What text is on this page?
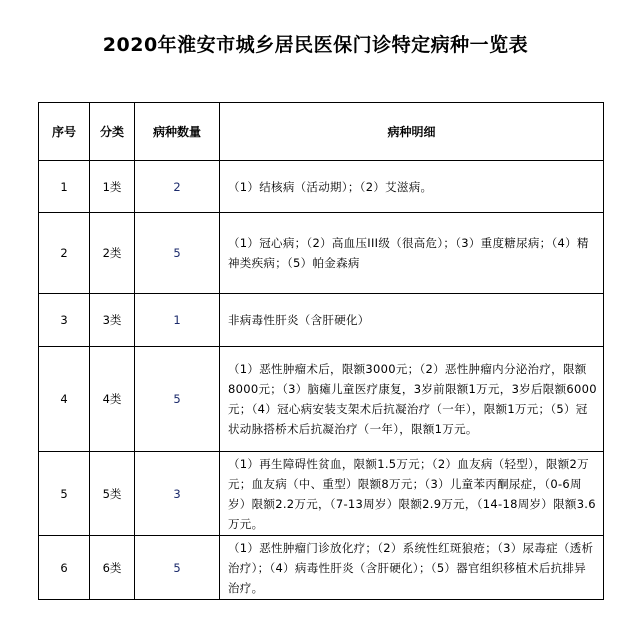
2020年淮安市城乡居民医保门诊特定病种一览表
序号	分类	病种数量	病种明细
1	1类	2	（1）结核病（活动期）；（2）艾滋病。
2	2类	5	（1）冠心病；（2）高血压III级（很高危）；（3）重度糖尿病；（4）精神类疾病；（5）帕金森病
3	3类	1	非病毒性肝炎（含肝硬化）
4	4类	5	（1）恶性肿瘤术后，限额3000元；（2）恶性肿瘤内分泌治疗，限额8000元；（3）脑瘫儿童医疗康复，3岁前限额1万元，3岁后限额6000元；（4）冠心病安装支架术后抗凝治疗（一年），限额1万元；（5）冠状动脉搭桥术后抗凝治疗（一年），限额1万元。
5	5类	3	（1）再生障碍性贫血，限额1.5万元；（2）血友病（轻型），限额2万元；血友病（中、重型）限额8万元；（3）儿童苯丙酮尿症，（0-6周岁）限额2.2万元，（7-13周岁）限额2.9万元，（14-18周岁）限额3.6万元。
6	6类	5	（1）恶性肿瘤门诊放化疗；（2）系统性红斑狼疮；（3）尿毒症（透析治疗）；（4）病毒性肝炎（含肝硬化）；（5）器官组织移植术后抗排异治疗。
